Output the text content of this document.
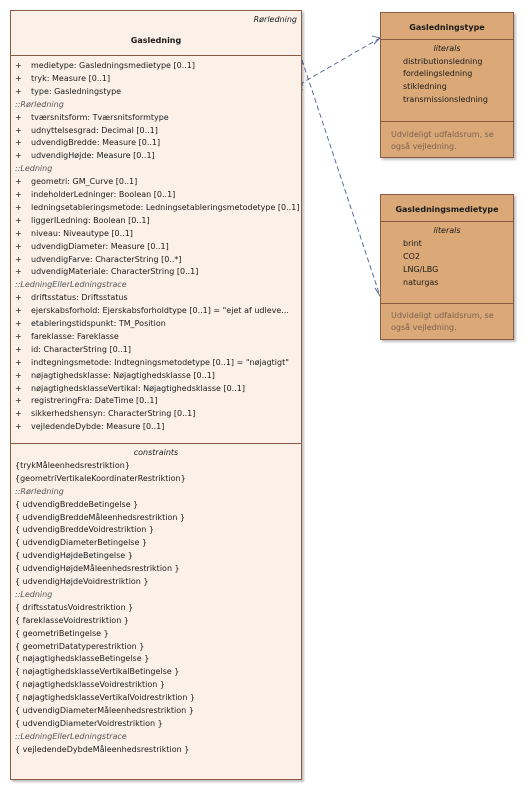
Rørledning
Gasledning
+ medietype: Gasledningsmedietype [0..1]
+ tryk: Measure [0..1]
+ type: Gasledningstype
::Rørledning
+ tværsnitsform: Tværsnitsformtype
+ udnyttelsesgrad: Decimal [0..1]
+ udvendigBredde: Measure [0..1]
+ udvendigHøjde: Measure [0..1]
::Ledning
+ geometri: GM_Curve [0..1]
+ indeholderLedninger: Boolean [0..1]
+ ledningsetableringsmetode: Ledningsetableringsmetodetype [0..1]
+ liggerILedning: Boolean [0..1]
+ niveau: Niveautype [0..1]
+ udvendigDiameter: Measure [0..1]
+ udvendigFarve: CharacterString [0..*]
+ udvendigMateriale: CharacterString [0..1]
::LedningEllerLedningstrace
+ driftsstatus: Driftsstatus
+ ejerskabsforhold: Ejerskabsforholdtype [0..1] = "ejet af udleve...
+ etableringstidspunkt: TM_Position
+ fareklasse: Fareklasse
+ id: CharacterString [0..1]
+ indtegningsmetode: Indtegningsmetodetype [0..1] = "nøjagtigt"
+ nøjagtighedsklasse: Nøjagtighedsklasse [0..1]
+ nøjagtighedsklasseVertikal: Nøjagtighedsklasse [0..1]
+ registreringFra: DateTime [0..1]
+ sikkerhedshensyn: CharacterString [0..1]
+ vejledendeDybde: Measure [0..1]
constraints
{trykMåleenhedsrestriktion}
{geometriVertikaleKoordinaterRestriktion}
::Rørledning
{ udvendigBreddeBetingelse }
{ udvendigBreddeMåleenhedsrestriktion }
{ udvendigBreddeVoidrestriktion }
{ udvendigDiameterBetingelse }
{ udvendigHøjdeBetingelse }
{ udvendigHøjdeMåleenhedsrestriktion }
{ udvendigHøjdeVoidrestriktion }
::Ledning
{ driftsstatusVoidrestriktion }
{ fareklasseVoidrestriktion }
{ geometriBetingelse }
{ geometriDatatyperestriktion }
{ nøjagtighedsklasseBetingelse }
{ nøjagtighedsklasseVertikalBetingelse }
{ nøjagtighedsklasseVoidrestriktion }
{ nøjagtighedsklasseVertikalVoidrestriktion }
{ udvendigDiameterMåleenhedsrestriktion }
{ udvendigDiameterVoidrestriktion }
::LedningEllerLedningstrace
{ vejledendeDybdeMåleenhedsrestriktion }
Gasledningstype
literals
distributionsledning
fordelingsledning
stikledning
transmissionsledning
Udvideligt udfaldsrum, se også vejledning.
Gasledningsmedietype
literals
brint
CO2
LNG/LBG
naturgas
Udvideligt udfaldsrum, se også vejledning.
